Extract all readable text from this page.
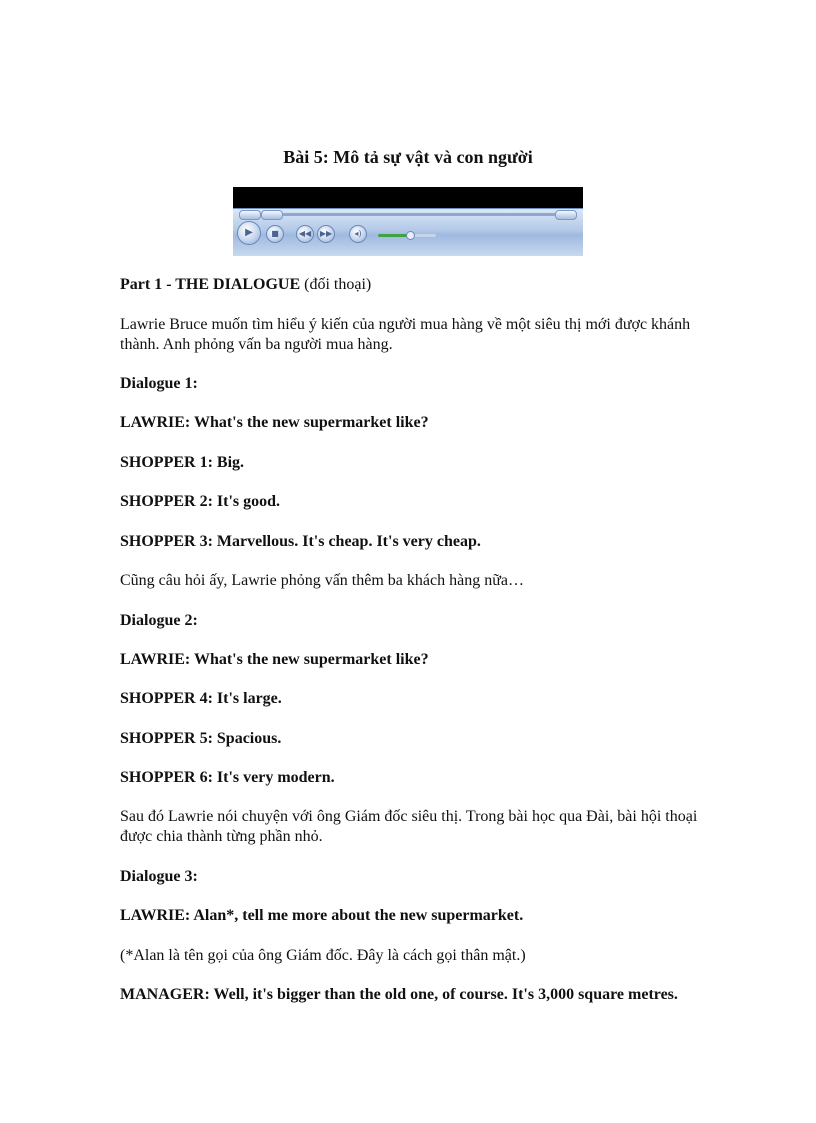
Bài 5: Mô tả sự vật và con người
▶	■	◀◀	▶▶	◂)

Part 1 - THE DIALOGUE (đối thoại)

Lawrie Bruce muốn tìm hiểu ý kiến của người mua hàng về một siêu thị mới được khánh thành. Anh phỏng vấn ba người mua hàng.

Dialogue 1:

LAWRIE: What's the new supermarket like?

SHOPPER 1: Big.

SHOPPER 2: It's good.

SHOPPER 3: Marvellous. It's cheap. It's very cheap.

Cũng câu hỏi ấy, Lawrie phỏng vấn thêm ba khách hàng nữa…

Dialogue 2:

LAWRIE: What's the new supermarket like?

SHOPPER 4: It's large.

SHOPPER 5: Spacious.

SHOPPER 6: It's very modern.

Sau đó Lawrie nói chuyện với ông Giám đốc siêu thị. Trong bài học qua Đài, bài hội thoại được chia thành từng phần nhỏ.

Dialogue 3:

LAWRIE: Alan*, tell me more about the new supermarket.

(*Alan là tên gọi của ông Giám đốc. Đây là cách gọi thân mật.)

MANAGER: Well, it's bigger than the old one, of course. It's 3,000 square metres.
